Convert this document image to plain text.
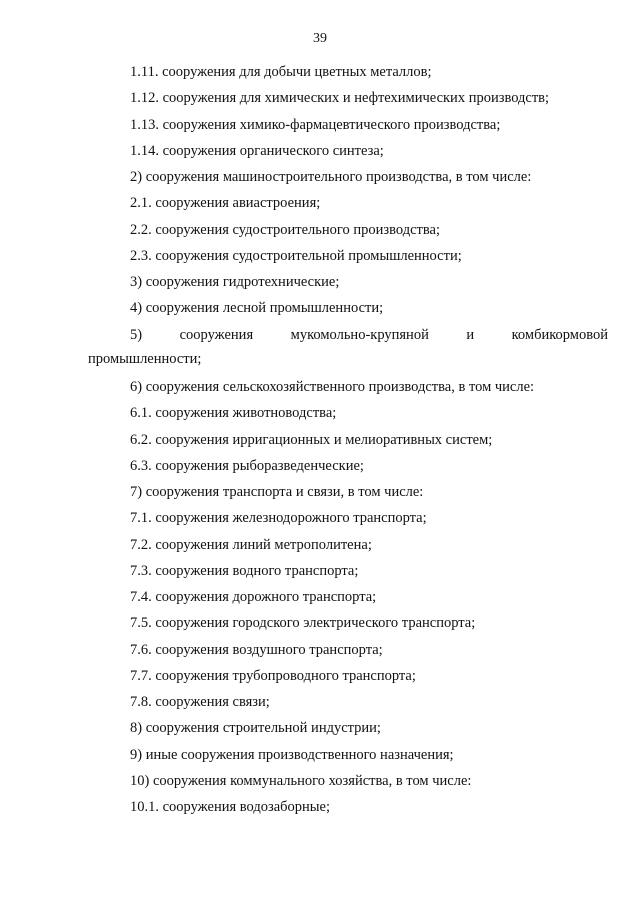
39
1.11. сооружения для добычи цветных металлов;
1.12. сооружения для химических и нефтехимических производств;
1.13. сооружения химико-фармацевтического производства;
1.14. сооружения органического синтеза;
2) сооружения машиностроительного производства, в том числе:
2.1. сооружения авиастроения;
2.2. сооружения судостроительного производства;
2.3. сооружения судостроительной промышленности;
3) сооружения гидротехнические;
4) сооружения лесной промышленности;
5)	сооружения	мукомольно-крупяной	и	комбикормовой
промышленности;
6) сооружения сельскохозяйственного производства, в том числе:
6.1. сооружения животноводства;
6.2. сооружения ирригационных и мелиоративных систем;
6.3. сооружения рыборазведенческие;
7) сооружения транспорта и связи, в том числе:
7.1. сооружения железнодорожного транспорта;
7.2. сооружения линий метрополитена;
7.3. сооружения водного транспорта;
7.4. сооружения дорожного транспорта;
7.5. сооружения городского электрического транспорта;
7.6. сооружения воздушного транспорта;
7.7. сооружения трубопроводного транспорта;
7.8. сооружения связи;
8) сооружения строительной индустрии;
9) иные сооружения производственного назначения;
10) сооружения коммунального хозяйства, в том числе:
10.1. сооружения водозаборные;
